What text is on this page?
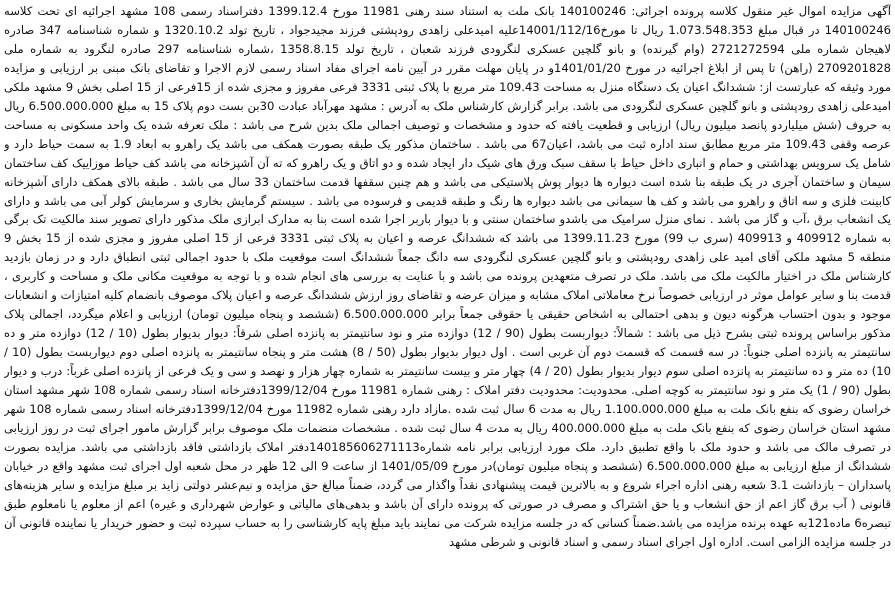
آگهی مزایده اموال غیر منقول کلاسه پرونده اجرائی: 140100246 بانک ملت به استناد سند رهنی 11981 مورخ 1399.12.4 دفتراسناد رسمی 108 مشهد اجرائیه ای تحت کلاسه 140100246 در قبال مبلغ 1.073.548.353 ریال تا مورخ14001/112/16علیه امیدعلی زاهدی رودپشتی فرزند مجیدجواد ، تاریخ تولد 1320.10.2 و شماره شناسنامه 347 صادره لاهیجان شماره ملی 2721272594 (وام گیرنده) و بانو گلچین عسکری لنگرودی فرزند شعبان ، تاریخ تولد 1358.8.15 ،شماره شناسنامه 297 صادره لنگرود به شماره ملی 2709201828 (راهن) تا پس از ابلاغ اجرائیه در مورخ 1401/01/20و در پایان مهلت مقرر در آیین نامه اجرای مفاد اسناد رسمی لازم الاجرا و تقاضای بانک مبنی بر ارزیابی و مزایده مورد وثیقه که عبارتست از: ششدانگ اعیان یک دستگاه منزل به مساحت 109.43 متر مربع با پلاک ثبتی 3331 فرعی مفروز و مجزی شده از 15فرعی از 15 اصلی بخش 9 مشهد ملکی امیدعلی زاهدی رودپشتی و بانو گلچین عسکری لنگرودی می باشد. برابر گزارش کارشناس ملک به آدرس : مشهد مهرآباد عبادت 30بن بست دوم پلاک 15 به مبلغ 6.500.000.000 ریال به حروف (شش میلیاردو پانصد میلیون ریال) ارزیابی و قطعیت یافته که حدود و مشخصات و توصیف اجمالی ملک بدین شرح می باشد : ملک تعرفه شده یک واحد مسکونی به مساحت عرصه وقفی 109.43 متر مربع مطابق سند اداره ثبت می باشد، اعیان67 می باشد . ساختمان مذکور یک طبقه بصورت همکف می باشد یک راهرو به ابعاد 1.9 به سمت حیاط دارد و شامل یک سرویس بهداشتی و حمام و انباری داخل حیاط با سقف سبک ورق های شیک دار ایجاد شده و دو اتاق و یک راهرو که ته آن آشپزخانه می باشد کف حیاط موزاییک کف ساختمان سیمان و ساختمان آجری در یک طبقه بنا شده است دیواره ها دیوار پوش پلاستیکی می باشد و هم چنین سقفها قدمت ساختمان 33 سال می باشد . طبقه بالای همکف دارای آشپزخانه کابینت فلزی و سه اتاق و راهرو می باشد و کف ها سیمانی می باشد دیواره ها رنگ و طبقه قدیمی و فرسوده می باشد . سیستم گرمایش بخاری و سرمایش کولر آبی می باشد و دارای یک انشعاب برق ،آب و گاز می باشد . نمای منزل سرامیک می باشدو ساختمان سنتی و با دیوار باربر اجرا شده است بنا به مدارک ابرازی ملک مذکور دارای تصویر سند مالکیت تک برگی به شماره 409912 و 409913 (سری ب 99) مورخ 1399.11.23 می باشد که ششدانگ عرصه و اعیان به پلاک ثبتی 3331 فرعی از 15 اصلی مفروز و مجزی شده از 15 بخش 9 منطقه 5 مشهد ملکی آقای امید علی زاهدی رودپشتی و بانو گلچین عسکری لنگرودی سه دانگ جمعاً ششدانگ است موقعیت ملک با حدود اجمالی ثبتی انطباق دارد و در زمان بازدید کارشناس ملک در اختیار مالکیت ملک می باشد. ملک در تصرف متعهدین پرونده می باشد و با عنایت به بررسی های انجام شده و با توجه به موقعیت مکانی ملک و مساحت و کاربری ، قدمت بنا و سایر عوامل موثر در ارزیابی خصوصاً نرخ معاملاتی املاک مشابه و میزان عرضه و تقاضای روز ارزش ششدانگ عرصه و اعیان پلاک موصوف بانضمام کلیه امتیازات و انشعابات موجود و بدون احتساب هرگونه دیون و بدهی احتمالی به اشخاص حقیقی یا حقوقی جمعاً برابر 6.500.000.000 (ششصد و پنجاه میلیون تومان) ارزیابی و اعلام میگردد، اجمالی پلاک مذکور براساس پرونده ثبتی بشرح ذیل می باشد : شمالاً: دیواربست بطول (90 / 12) دوازده متر و نود سانتیمتر به پانزده اصلی شرقاً: دیوار بدیوار بطول (10 / 12) دوازده متر و ده سانتیمتر به پانزده اصلی جنوباً: در سه قسمت که قسمت دوم آن غربی است . اول دیوار بدیوار بطول (50 / 8) هشت متر و پنجاه سانتیمتر به پانزده اصلی دوم دیواربست بطول (10 / 10) ده متر و ده سانتیمتر به پانزده اصلی سوم دیوار بدیوار بطول (20 / 4) چهار متر و بیست سانتیمتر به شماره چهار هزار و نهصد و سی و یک فرعی از پانزده اصلی غرباً: درب و دیوار بطول (90 / 1) یک متر و نود سانتیمتر به کوچه اصلی. محدودیت: محدودیت دفتر املاک : رهنی شماره 11981 مورخ 1399/12/04دفترخانه اسناد رسمی شماره 108 شهر مشهد استان خراسان رضوی که بنفع بانک ملت به مبلغ 1.100.000.000 ریال به مدت 6 سال ثبت شده .مازاد دارد رهنی شماره 11982 مورخ 1399/12/04دفترخانه اسناد رسمی شماره 108 شهر مشهد استان خراسان رضوی که بنفع بانک ملت به مبلغ 400.000.000 ریال به مدت 4 سال ثبت شده . مشخصات منضمات ملک موصوف برابر گزارش مامور اجرای ثبت در روز ارزیابی در تصرف مالک می باشد و حدود ملک با واقع تطبیق دارد. ملک مورد ارزیابی برابر نامه شماره140185606271113دفتر املاک بازداشتی فاقد بازداشتی می باشد. مزایده بصورت ششدانگ از مبلغ ارزیابی به مبلغ 6.500.000.000 (ششصد و پنجاه میلیون تومان)در مورخ 1401/05/09 از ساعت 9 الی 12 ظهر در محل شعبه اول اجرای ثبت مشهد واقع در خیابان پاسداران – بازداشت 3.1 شعبه رهنی اداره اجراء شروع و به بالاترین قیمت پیشنهادی نقداً واگذار می گردد، ضمناً مبالغ حق مزایده و نیم‌عشر دولتی زاید بر مبلغ مزایده و سایر هزینه‌های قانونی ( آب برق گاز اعم از حق انشعاب و یا حق اشتراک و مصرف در صورتی که پرونده دارای آن باشد و بدهی‌های مالیاتی و عوارض شهرداری و غیره) اعم از معلوم یا نامعلوم طبق تبصره6 ماده121به عهده برنده مزایده می باشد.ضمناً کسانی که در جلسه مزایده شرکت می نمایند باید مبلغ پایه کارشناسی را به حساب سپرده ثبت و حضور خریدار یا نماینده قانونی آن در جلسه مزایده الزامی است. اداره اول اجرای اسناد رسمی و اسناد قانونی و شرطی مشهد
